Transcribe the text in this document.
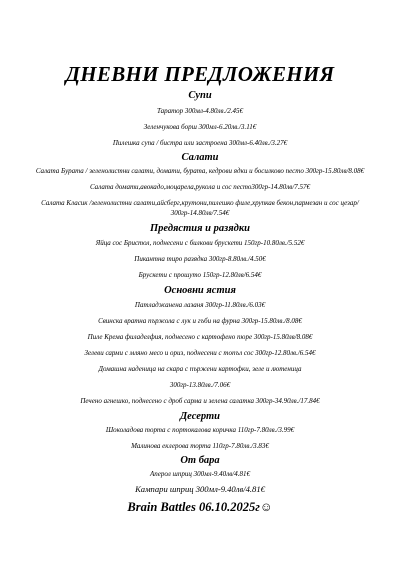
ДНЕВНИ ПРЕДЛОЖЕНИЯ
Супи
Таратор 300мл-4.80лв./2.45€
Зеленчукова борш 300мл-6.20лв./3.11€
Пилешка супа / бистра или застроена 300мл-6.40лв./3.27€
Салати
Салата Бурата / зеленолистни салати, домати, бурата, кедрови ядки и босилково песто 300гр-15.80лв/8.08€
Салата домати,авокадо,моцарела,рукола и сос песто300гр-14.80лв/7.57€
Салата Класик /зеленолистни салати,айсберг,крутони,пилешко филе,хрупкав бекон,пармезан и сос цезар/ 300гр-14.80лв/7.54€
Предястия и разядки
Яйца сос Бристол, поднесени с билкови брускети 150гр-10.80лв./5.52€
Пикантна тиро разядка 300гр-8.80лв./4.50€
Брускети с прошуто 150гр-12.80лв/6.54€
Основни ястия
Патладжанена лазаня 300гр-11.80лв./6.03€
Свинска вратна пържола с лук и гъби на фурна 300гр-15.80лв./8.08€
Пиле Крема филаделфия, поднесено с картофено пюре 300гр-15.80лв/8.08€
Зелеви сарми с мляно месо и ориз, поднесени с топъл сос 300гр-12.80лв./6.54€
Домашна наденица на скара с пържени картофки, зеле и лютеница
300гр-13.80лв./7.06€
Печено агнешко, поднесено с дроб сарма и зелена салатка 300гр-34.90лв./17.84€
Десерти
Шоколадова торта с портокалова коричка 110гр-7.80лв./3.99€
Малинова еклерова торта 110гр-7.80лв./3.83€
От бара
Аперол шприц 300мл-9.40лв/4.81€
Кампари шприц 300мл-9.40лв/4.81€
Brain Battles 06.10.2025г☺
